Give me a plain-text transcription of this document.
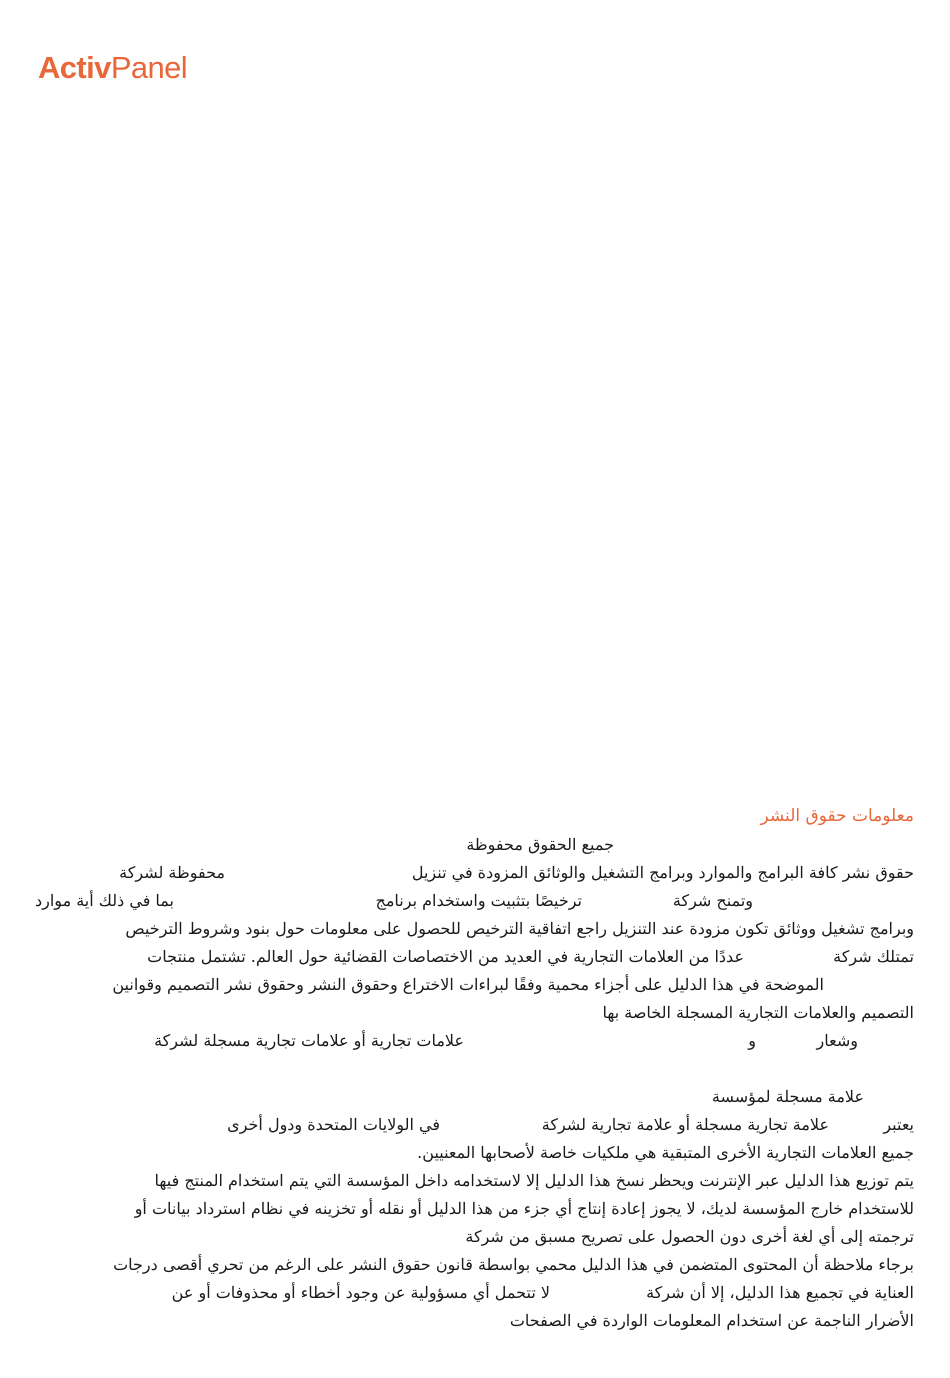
ActivPanel
معلومات حقوق النشر
جميع الحقوق محفوظة
حقوق نشر كافة البرامج والموارد وبرامج التشغيل والوثائق المزودة في تنزيل
محفوظة لشركة
وتمنح شركة
ترخيصًا بتثبيت واستخدام برنامج
بما في ذلك أية موارد
وبرامج تشغيل ووثائق تكون مزودة عند التنزيل راجع اتفاقية الترخيص للحصول على معلومات حول بنود وشروط الترخيص
تمتلك شركة
عددًا من العلامات التجارية في العديد من الاختصاصات القضائية حول العالم. تشتمل منتجات
الموضحة في هذا الدليل على أجزاء محمية وفقًا لبراءات الاختراع وحقوق النشر وحقوق نشر التصميم وقوانين
التصميم والعلامات التجارية المسجلة الخاصة بها
وشعار
و
علامات تجارية أو علامات تجارية مسجلة لشركة
علامة مسجلة لمؤسسة
يعتبر
علامة تجارية مسجلة أو علامة تجارية لشركة
في الولايات المتحدة ودول أخرى
جميع العلامات التجارية الأخرى المتبقية هي ملكيات خاصة لأصحابها المعنيين.
يتم توزيع هذا الدليل عبر الإنترنت ويحظر نسخ هذا الدليل إلا لاستخدامه داخل المؤسسة التي يتم استخدام المنتج فيها
للاستخدام خارج المؤسسة لديك، لا يجوز إعادة إنتاج أي جزء من هذا الدليل أو نقله أو تخزينه في نظام استرداد بيانات أو
ترجمته إلى أي لغة أخرى دون الحصول على تصريح مسبق من شركة
برجاء ملاحظة أن المحتوى المتضمن في هذا الدليل محمي بواسطة قانون حقوق النشر على الرغم من تحري أقصى درجات
العناية في تجميع هذا الدليل، إلا أن شركة
لا تتحمل أي مسؤولية عن وجود أخطاء أو محذوفات أو عن
الأضرار الناجمة عن استخدام المعلومات الواردة في الصفحات
